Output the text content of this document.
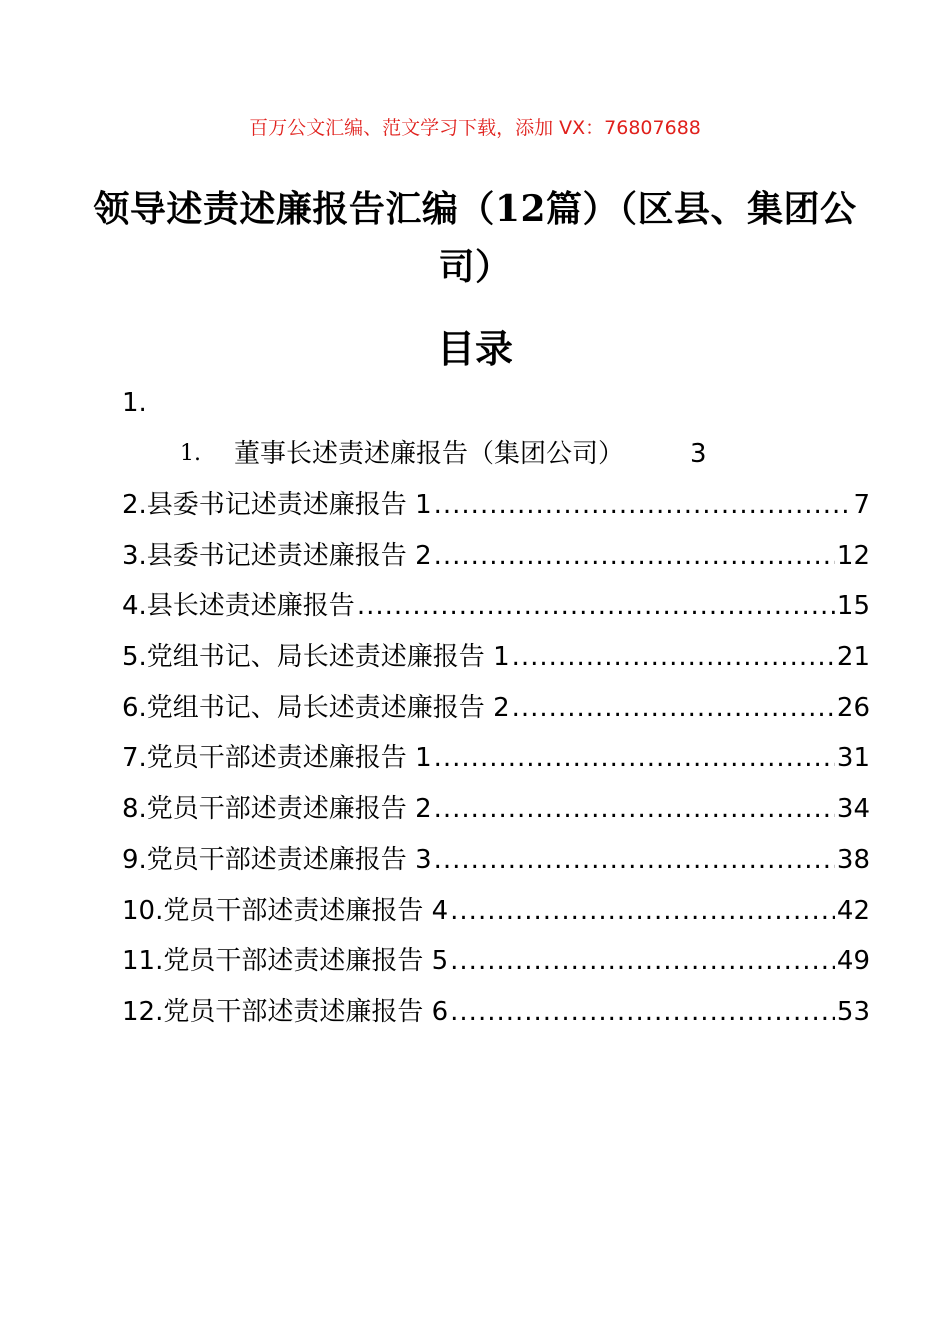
百万公文汇编、范文学习下载，添加 VX：76807688
领导述责述廉报告汇编（12篇）（区县、集团公司）
目录
1.
1. 董事长述责述廉报告（集团公司）	3
2.县委书记述责述廉报告 1 .....	7
3.县委书记述责述廉报告 2 .....	12
4.县长述责述廉报告 .....	15
5.党组书记、局长述责述廉报告 1 .....	21
6.党组书记、局长述责述廉报告 2 .....	26
7.党员干部述责述廉报告 1 .....	31
8.党员干部述责述廉报告 2 .....	34
9.党员干部述责述廉报告 3 .....	38
10.党员干部述责述廉报告 4 .....	42
11.党员干部述责述廉报告 5 .....	49
12.党员干部述责述廉报告 6 .....	53
